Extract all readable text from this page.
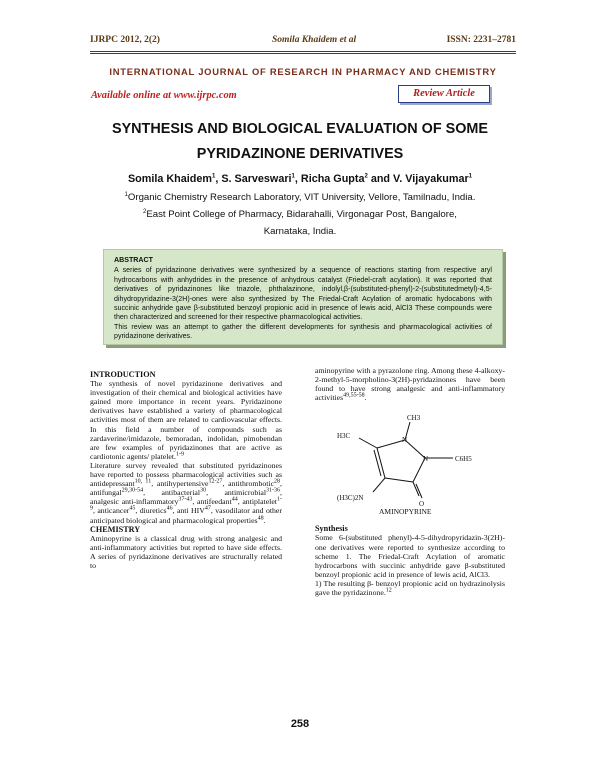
IJRPC 2012, 2(2)	Somila Khaidem et al	ISSN: 2231–2781
INTERNATIONAL JOURNAL OF RESEARCH IN PHARMACY AND CHEMISTRY
Available online at www.ijrpc.com	Review Article
SYNTHESIS AND BIOLOGICAL EVALUATION OF SOME
PYRIDAZINONE DERIVATIVES
Somila Khaidem$^1$, S. Sarveswari$^1$, Richa Gupta$^2$ and V. Vijayakumar$^1$
$^1$Organic Chemistry Research Laboratory, VIT University, Vellore, Tamilnadu, India.
$^2$East Point College of Pharmacy, Bidarahalli, Virgonagar Post, Bangalore,
Karnataka, India.
ABSTRACT
A series of pyridazinone derivatives were synthesized by a sequence of reactions starting from respective aryl hydrocarbons with anhydrides in the presence of anhydrous catalyst (Friedel-craft acylation). It was reported that derivatives of pyridazinones like triazole, phthalazinone, indolyl,β-(substituted-phenyl)-2-(substitutedmetyl)-4,5-dihydropyridazine-3(2H)-ones were also synthesized by The Friedal-Craft Acylation of aromatic hydocabons with succinic anhydride gave β-substituted benzoyl propionic acid in presence of lewis acid, AlCl3 These compounds were then characterized and screened for their respective pharmacological activities.
This review was an attempt to gather the different developments for synthesis and pharmacological activities of pyridazinone derivatives.
INTRODUCTION
The synthesis of novel pyridazinone derivatives and investigation of their chemical and biological activities have gained more importance in recent years. Pyridazinone derivatives have established a variety of pharmacological activities most of them are related to cardiovascular effects. In this field a number of compounds such as zardaverine/imidazole, bemoradan, indolidan, pimobendan are few examples of pyridazinones that are active as cardiotonic agents/ platelet.$^{1-9}$
Literature survey revealed that substituted pyridazinones have reported to possess pharmacological activities such as antidepressant$^{10, 11}$, antihypertensive$^{12-27}$, antithrombotic$^{28}$, antifungal$^{29,30-54}$, antibacterial$^{30}$, antimicrobial$^{31-36}$, analgesic anti-inflammatory$^{37-43}$, antifeedant$^{44}$, antiplatelet$^{1-9}$, anticancer$^{45}$, diuretics$^{46}$, anti HIV$^{47}$, vasodilator and other anticipated biological and pharmacological properties$^{48}$.
CHEMISTRY
Aminopyrine is a classical drug with strong analgesic and anti-inflammatory activities but reprted to have side effects. A series of pyridazinone derivatives are structurally related to
aminopyrine with a pyrazolone ring. Among these 4-alkoxy-2-methyl-5-morpholino-3(2H)-pyridazinones have been found to have strong analgesic and anti-inflammatory activities$^{49,55-58}$.
CH3
H3C	N
N	C6H5
O
(H3C)2N
AMINOPYRINE
Synthesis
Some 6-(substituted phenyl)-4-5-dihydropyridazin-3(2H)-one derivatives were reported to synthesize according to scheme 1. The Friedal-Craft Acylation of aromatic hydrocarbons with succinic anhydride gave β-substituted benzoyl propionic acid in presence of lewis acid, AlCl3.
1) The resulting β- benzoyl propionic acid on hydrazinolysis gave the pyridazinone.$^{12}$
258
